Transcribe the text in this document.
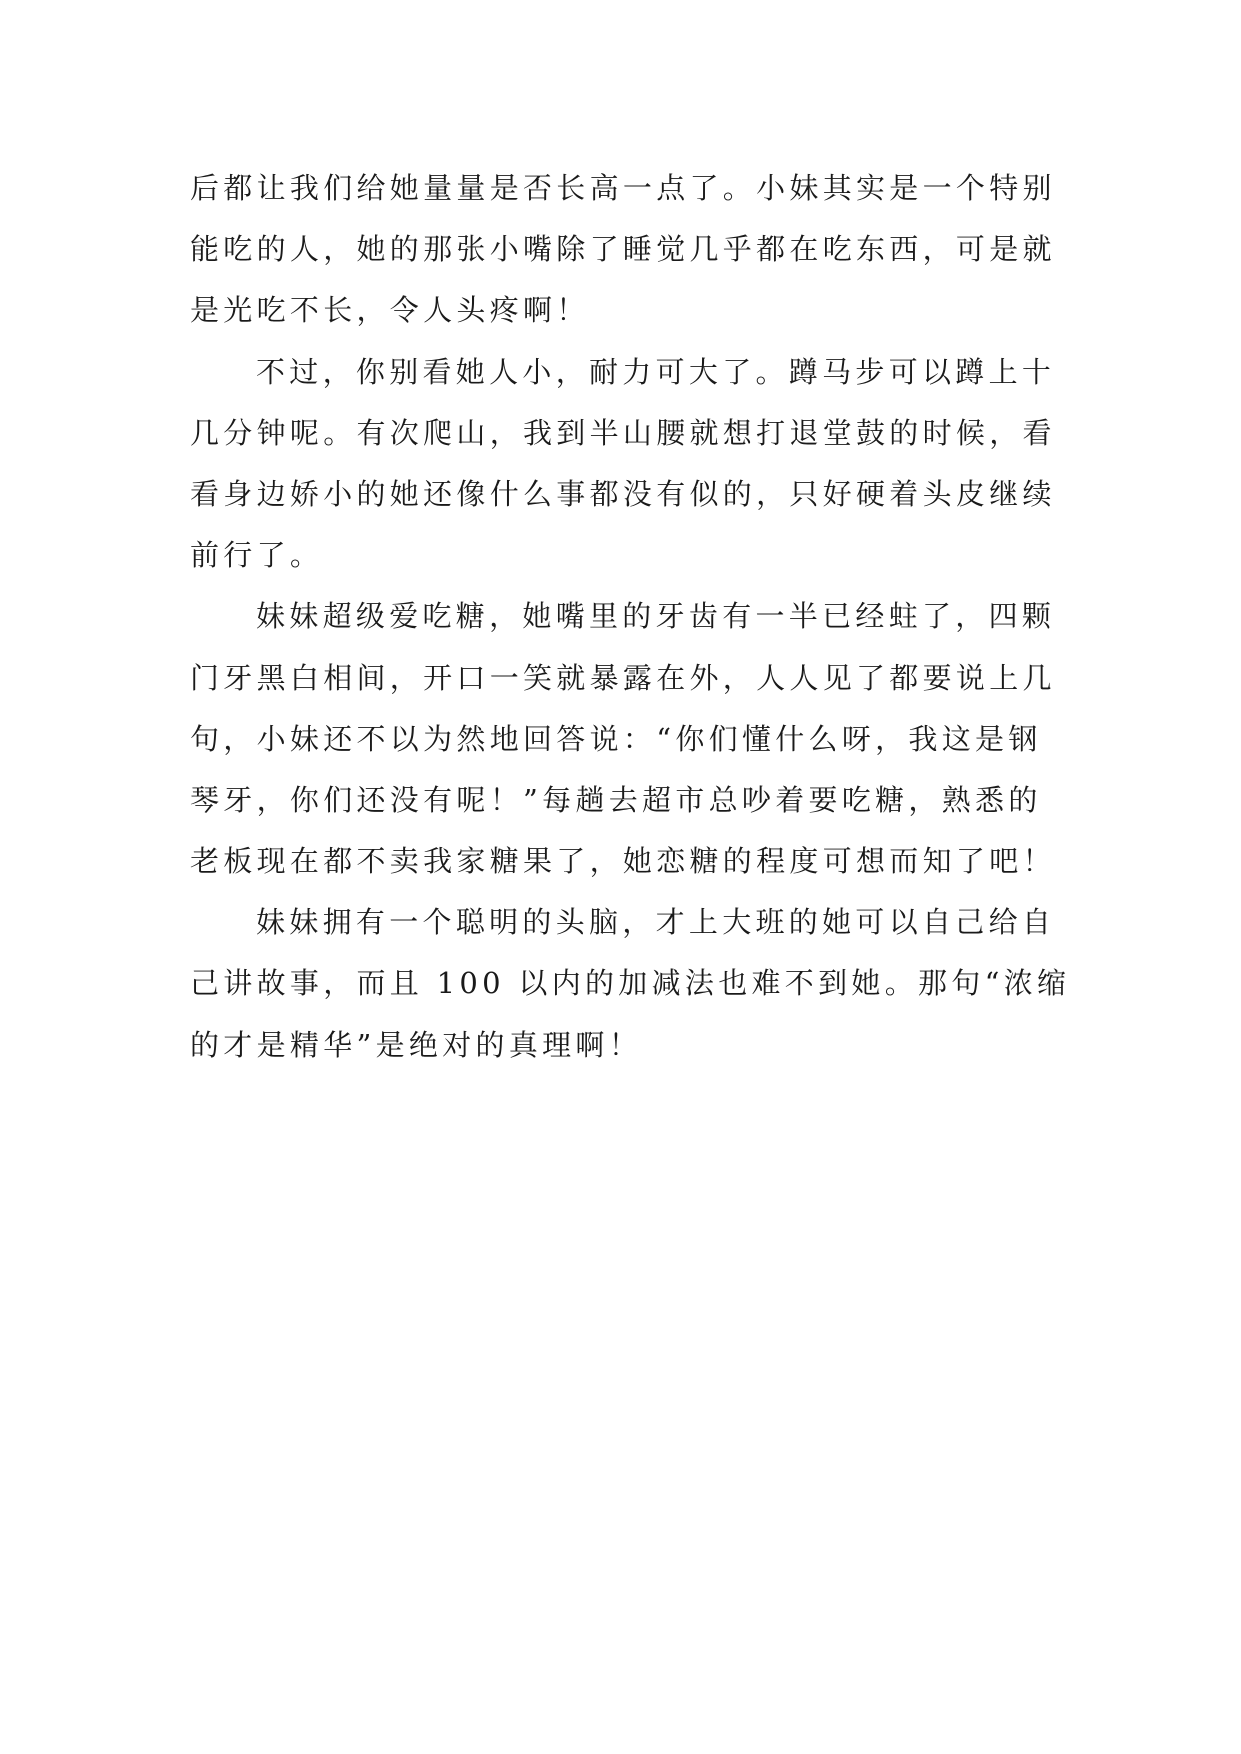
后都让我们给她量量是否长高一点了。小妹其实是一个特别
能吃的人，她的那张小嘴除了睡觉几乎都在吃东西，可是就
是光吃不长，令人头疼啊！
不过，你别看她人小，耐力可大了。蹲马步可以蹲上十
几分钟呢。有次爬山，我到半山腰就想打退堂鼓的时候，看
看身边娇小的她还像什么事都没有似的，只好硬着头皮继续
前行了。
妹妹超级爱吃糖，她嘴里的牙齿有一半已经蛀了，四颗
门牙黑白相间，开口一笑就暴露在外，人人见了都要说上几
句，小妹还不以为然地回答说：“你们懂什么呀，我这是钢
琴牙，你们还没有呢！”每趟去超市总吵着要吃糖，熟悉的
老板现在都不卖我家糖果了，她恋糖的程度可想而知了吧！
妹妹拥有一个聪明的头脑，才上大班的她可以自己给自
己讲故事，而且 100 以内的加减法也难不到她。那句“浓缩
的才是精华”是绝对的真理啊！
